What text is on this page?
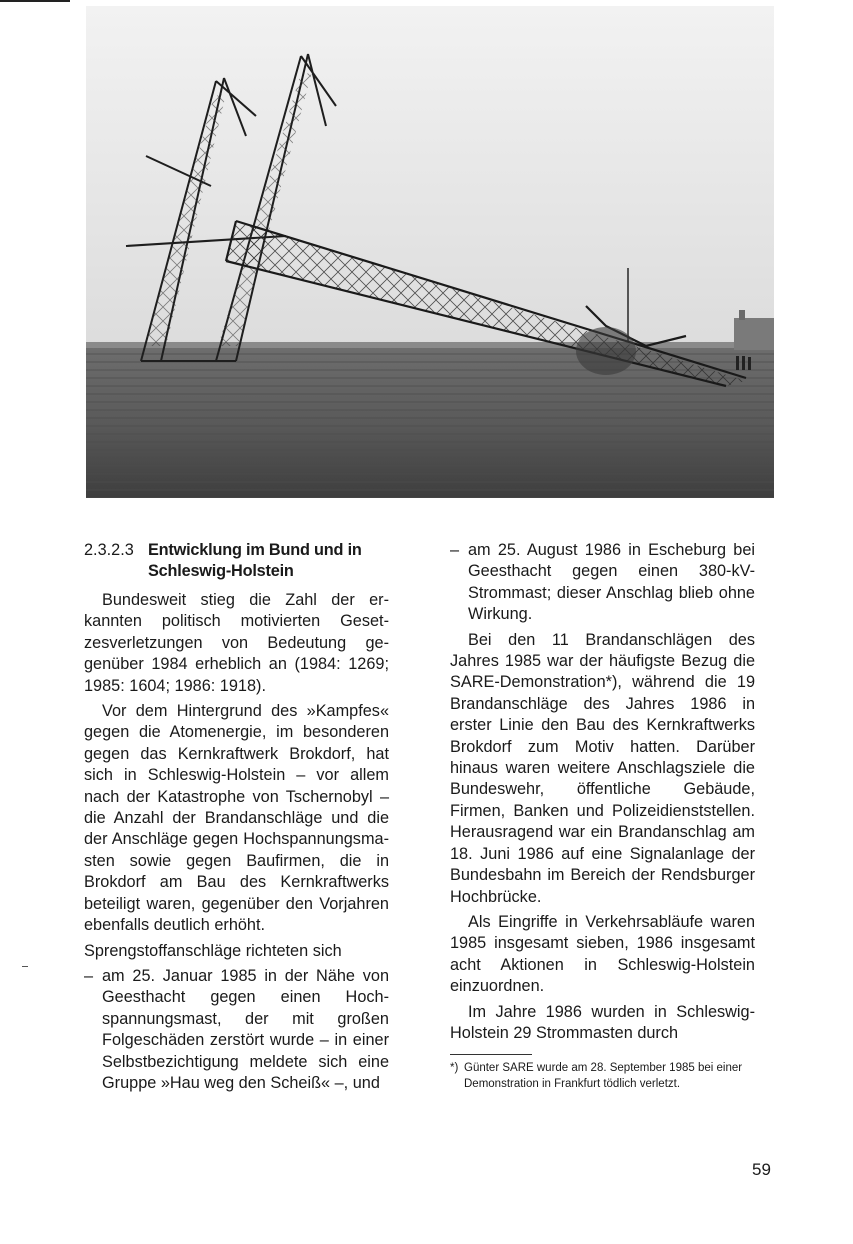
2.3.2.3 Entwicklung im Bund und in
Schleswig-Holstein

Bundesweit stieg die Zahl der erkannten politisch motivierten Gesetzesverletzungen von Bedeutung gegenüber 1984 erheblich an (1984: 1269; 1985: 1604; 1986: 1918).

Vor dem Hintergrund des »Kampfes« gegen die Atomenergie, im besonderen gegen das Kernkraftwerk Brokdorf, hat sich in Schleswig-Holstein – vor allem nach der Katastrophe von Tschernobyl – die Anzahl der Brandanschläge und die der Anschläge gegen Hochspannungsmasten sowie gegen Baufirmen, die in Brokdorf am Bau des Kernkraftwerks beteiligt waren, gegenüber den Vorjahren ebenfalls deutlich erhöht.

Sprengstoffanschläge richteten sich

– am 25. Januar 1985 in der Nähe von Geesthacht gegen einen Hochspannungsmast, der mit großen Folgeschäden zerstört wurde – in einer Selbstbezichtigung meldete sich eine Gruppe »Hau weg den Scheiß« –, und
– am 25. August 1986 in Escheburg bei Geesthacht gegen einen 380-kV-Strommast; dieser Anschlag blieb ohne Wirkung.

Bei den 11 Brandanschlägen des Jahres 1985 war der häufigste Bezug die SARE-Demonstration*), während die 19 Brandanschläge des Jahres 1986 in erster Linie den Bau des Kernkraftwerks Brokdorf zum Motiv hatten. Darüber hinaus waren weitere Anschlagsziele die Bundeswehr, öffentliche Gebäude, Firmen, Banken und Polizeidienststellen. Herausragend war ein Brandanschlag am 18. Juni 1986 auf eine Signalanlage der Bundesbahn im Bereich der Rendsburger Hochbrücke.

Als Eingriffe in Verkehrsabläufe waren 1985 insgesamt sieben, 1986 insgesamt acht Aktionen in Schleswig-Holstein einzuordnen.

Im Jahre 1986 wurden in Schleswig-Holstein 29 Strommasten durch

*) Günter SARE wurde am 28. September 1985 bei einer Demonstration in Frankfurt tödlich verletzt.
59
